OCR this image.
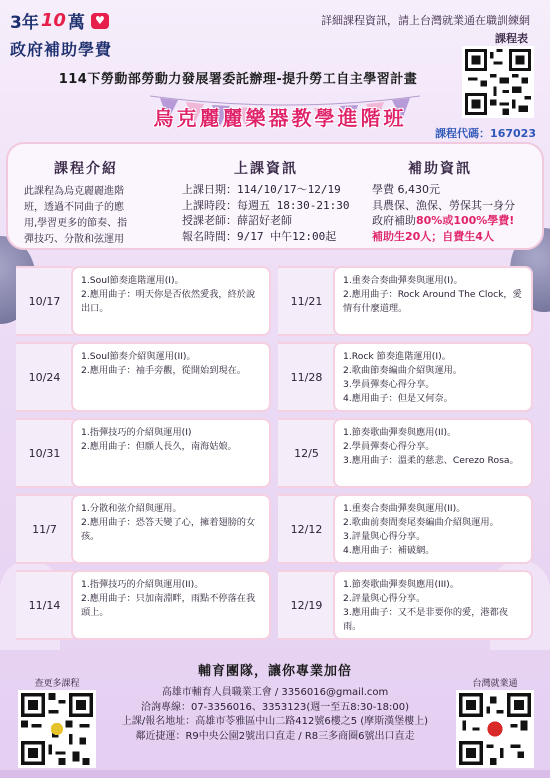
3年 10 萬 ♥
政府補助學費
詳細課程資訊，請上台灣就業通在職訓練網
課程表
114下勞動部勞動力發展署委託辦理-提升勞工自主學習計畫
烏克麗麗樂器教學進階班
課程代碼：167023
課程介紹
此課程為烏克麗麗進階
班，透過不同曲子的應
用,學習更多的節奏、指
彈技巧、分散和弦運用
上課資訊
上課日期：114/10/17～12/19
上課時段：每週五 18:30-21:30
授課老師：薛詔好老師
報名時間：9/17 中午12:00起
補助資訊
學費 6,430元
具農保、漁保、勞保其一身分
政府補助80%或100%學費!
補助生20人；自費生4人
10/17
1.Soul節奏進階運用(I)。
2.應用曲子：明天你是否依然愛我，終於說出口。
11/21
1.重奏合奏曲彈奏與運用(I)。
2.應用曲子：Rock Around The Clock，愛情有什麼道理。
10/24
1.Soul節奏介紹與運用(II)。
2.應用曲子：袖手旁觀，從開始到現在。	11/28
1.Rock 節奏進階運用(I)。
2.歌曲節奏編曲介紹與運用。
3.學員彈奏心得分享。
4.應用曲子：但是又何奈。
10/31
1.指彈技巧的介紹與運用(I)
2.應用曲子：但願人長久，南海姑娘。	12/5
1.節奏歌曲彈奏與應用(II)。
2.學員彈奏心得分享。
3.應用曲子：溫柔的慈悲、Cerezo Rosa。
11/7
1.分散和弦介紹與運用。
2.應用曲子：恐答天變了心，擁着翅膀的女孩。
12/12
1.重奏合奏曲彈奏與運用(II)。
2.歌曲前奏間奏尾奏編曲介紹與運用。
3.評量與心得分享。
4.應用曲子：補破網。
11/14
1.指彈技巧的介紹與運用(II)。
2.應用曲子：只加南淵畔，雨點不停落在我頭上。
12/19
1.節奏歌曲彈奏與應用(III)。
2.評量與心得分享。
3.應用曲子：又不是非要你的愛，港都夜雨。
輔育團隊，讓你專業加倍
高雄市輔育人員職業工會 / 3356016@gmail.com
洽詢專線：07-3356016、3353123(週一至五8:30-18:00)
上課/報名地址：高雄市苓雅區中山二路412號6樓之5 (摩斯漢堡樓上)
鄰近捷運：R9中央公園2號出口直走 / R8三多商圈6號出口直走
查更多課程	台灣就業通
